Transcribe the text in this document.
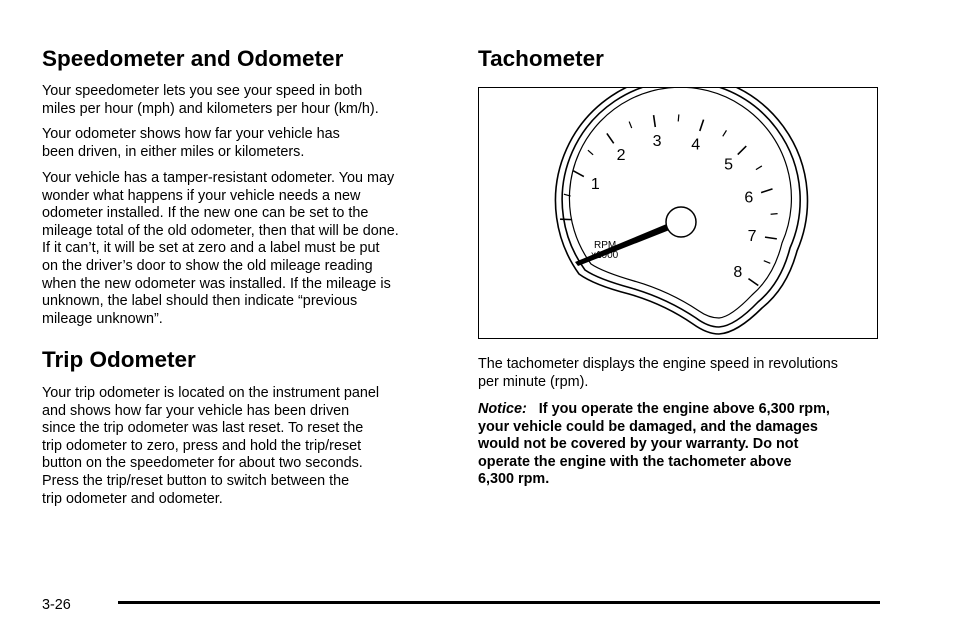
Speedometer and Odometer

Your speedometer lets you see your speed in both
miles per hour (mph) and kilometers per hour (km/h).

Your odometer shows how far your vehicle has
been driven, in either miles or kilometers.

Your vehicle has a tamper-resistant odometer. You may
wonder what happens if your vehicle needs a new
odometer installed. If the new one can be set to the
mileage total of the old odometer, then that will be done.
If it can’t, it will be set at zero and a label must be put
on the driver’s door to show the old mileage reading
when the new odometer was installed. If the mileage is
unknown, the label should then indicate “previous
mileage unknown”.

Trip Odometer

Your trip odometer is located on the instrument panel
and shows how far your vehicle has been driven
since the trip odometer was last reset. To reset the
trip odometer to zero, press and hold the trip/reset
button on the speedometer for about two seconds.
Press the trip/reset button to switch between the
trip odometer and odometer.

Tachometer
1
2
3 4
5
6
7
8
RPM
x1000

The tachometer displays the engine speed in revolutions
per minute (rpm).

Notice: If you operate the engine above 6,300 rpm,
your vehicle could be damaged, and the damages
would not be covered by your warranty. Do not
operate the engine with the tachometer above
6,300 rpm.

3-26
